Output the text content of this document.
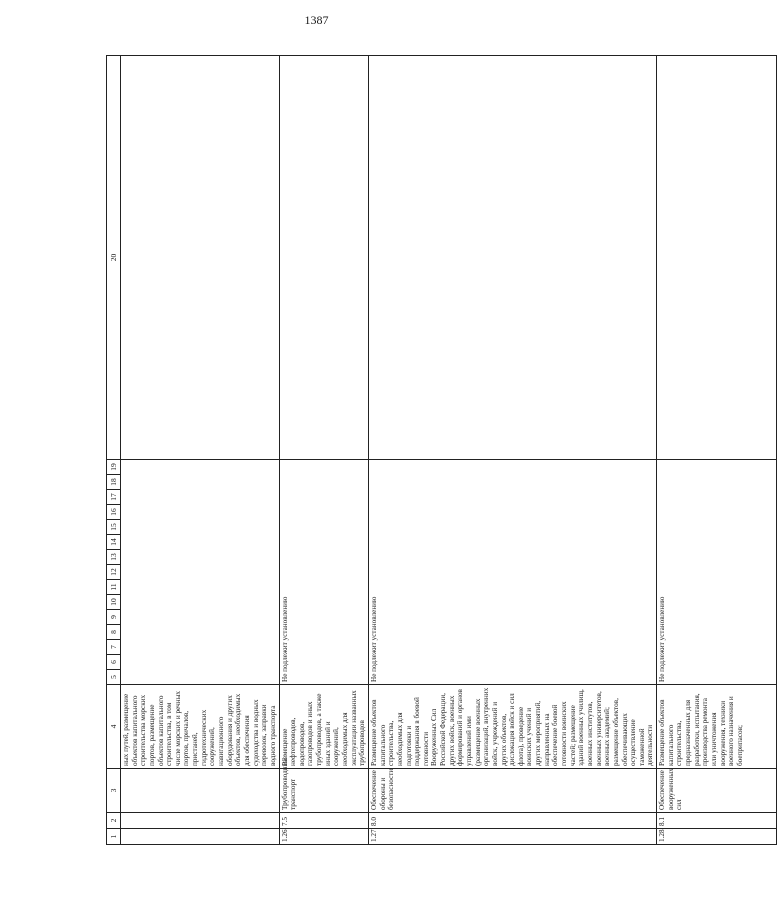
1387
1	2	3	4	5	6	7	8	9	10	11	12	13	14	15	16	17	18	19	20
			ных путей, размещение объектов капитального строительства морских портов, размещение объектов капитального строительства, в том числе морских и речных портов, причалов, пристаней, гидротехнических сооружений, навигационного оборудования и других объектов, необходимых для обеспечения судоходства и водных перевозок, заправки водного транспорта																
1.26	7.5	Трубопроводный транспорт	Размещение нефтепроводов, водопроводов, газопроводов и иных трубопроводов, а также иных зданий и сооружений, необходимых для эксплуатации названных трубопроводов	Не подлежит установлению															
1.27	8.0	Обеспечение обороны и безопасности	Размещение объектов капитального строительства, необходимых для подготовки и поддержания в боевой готовности Вооруженных Сил Российской Федерации, других войск, военных формирований и органов управлений ими (размещение военных организаций, внутренних войск, учреждений и других объектов, дислокация войск и сил флота), проведение воинских учений и других мероприятий, направленных на обеспечение боевой готовности воинских частей; размещение зданий военных училищ, военных институтов, военных университетов, военных академий; размещение объектов, обеспечивающих осуществление таможенной деятельности	Не подлежит установлению															
1.28	8.1	Обеспечение вооруженных сил	Размещение объектов капитального строительства, предназначенных для разработки, испытания, производства ремонта или уничтожения вооружения, техники военного назначения и боеприпасов;	Не подлежит установлению															
